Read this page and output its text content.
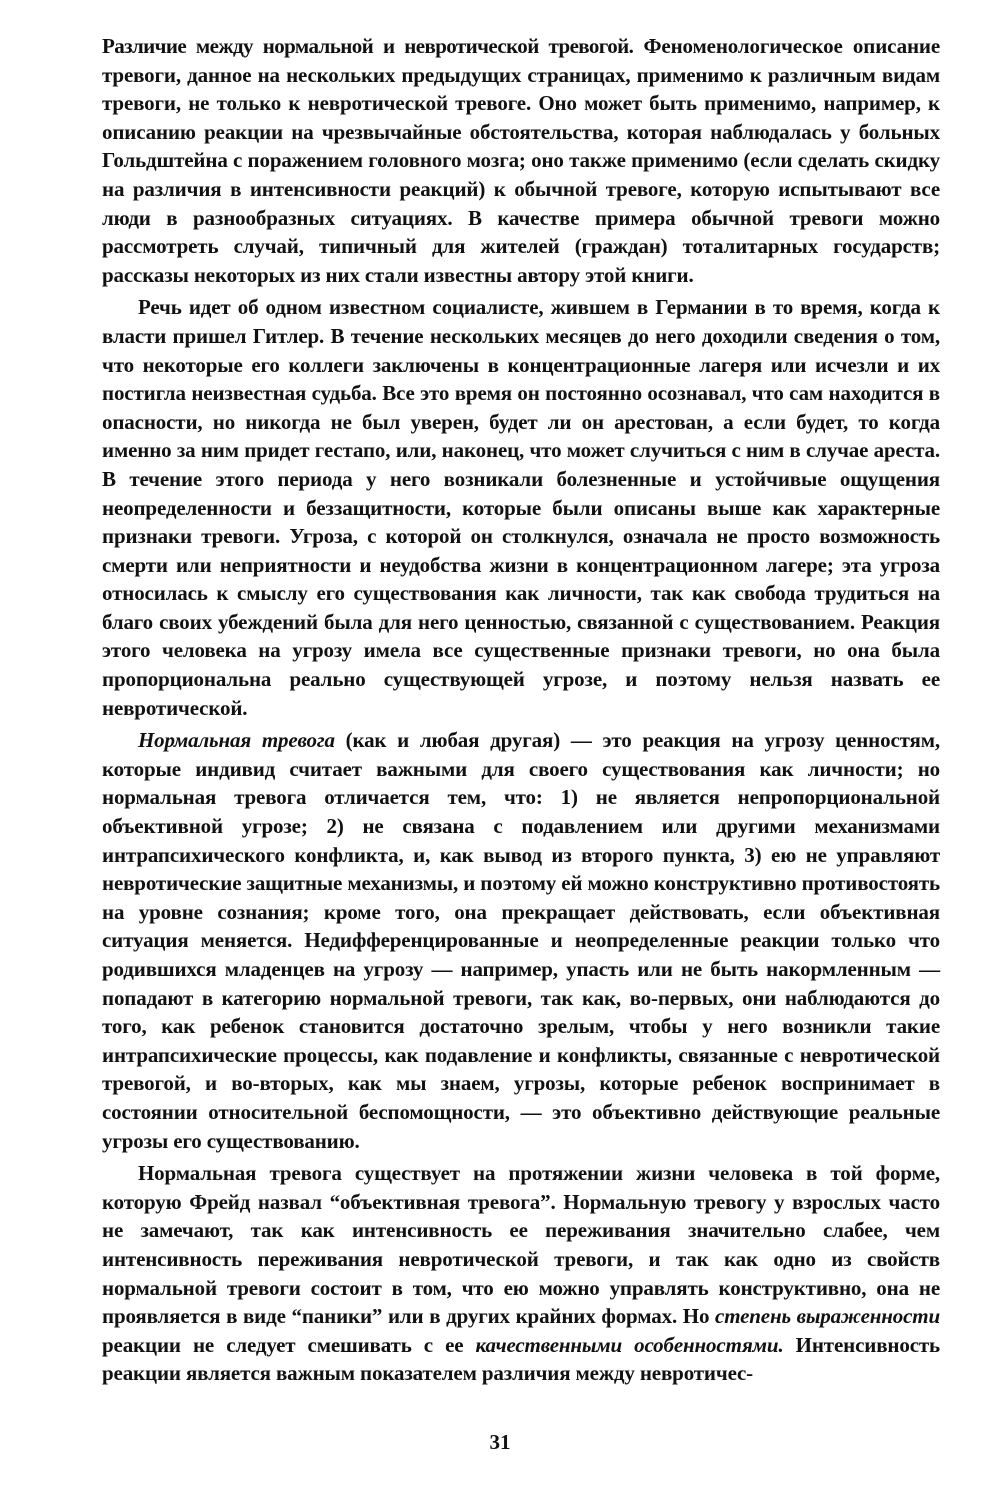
Различие между нормальной и невротической тревогой. Феноменологическое описание тревоги, данное на нескольких предыдущих страницах, применимо к различным видам тревоги, не только к невротической тревоге. Оно может быть применимо, например, к описанию реакции на чрезвычайные обстоятельства, которая наблюдалась у больных Гольдштейна с поражением головного мозга; оно также применимо (если сделать скидку на различия в интенсивности реакций) к обычной тревоге, которую испытывают все люди в разнообразных ситуациях. В качестве примера обычной тревоги можно рассмотреть случай, типичный для жителей (граждан) тоталитарных государств; рассказы некоторых из них стали известны автору этой книги.

Речь идет об одном известном социалисте, жившем в Германии в то время, когда к власти пришел Гитлер. В течение нескольких месяцев до него доходили сведения о том, что некоторые его коллеги заключены в концентрационные лагеря или исчезли и их постигла неизвестная судьба. Все это время он постоянно осознавал, что сам находится в опасности, но никогда не был уверен, будет ли он арестован, а если будет, то когда именно за ним придет гестапо, или, наконец, что может случиться с ним в случае ареста. В течение этого периода у него возникали болезненные и устойчивые ощущения неопределенности и беззащитности, которые были описаны выше как характерные признаки тревоги. Угроза, с которой он столкнулся, означала не просто возможность смерти или неприятности и неудобства жизни в концентрационном лагере; эта угроза относилась к смыслу его существования как личности, так как свобода трудиться на благо своих убеждений была для него ценностью, связанной с существованием. Реакция этого человека на угрозу имела все существенные признаки тревоги, но она была пропорциональна реально существующей угрозе, и поэтому нельзя назвать ее невротической.

Нормальная тревога (как и любая другая) — это реакция на угрозу ценностям, которые индивид считает важными для своего существования как личности; но нормальная тревога отличается тем, что: 1) не является непропорциональной объективной угрозе; 2) не связана с подавлением или другими механизмами интрапсихического конфликта, и, как вывод из второго пункта, 3) ею не управляют невротические защитные механизмы, и поэтому ей можно конструктивно противостоять на уровне сознания; кроме того, она прекращает действовать, если объективная ситуация меняется. Недифференцированные и неопределенные реакции только что родившихся младенцев на угрозу — например, упасть или не быть накормленным — попадают в категорию нормальной тревоги, так как, во-первых, они наблюдаются до того, как ребенок становится достаточно зрелым, чтобы у него возникли такие интрапсихические процессы, как подавление и конфликты, связанные с невротической тревогой, и во-вторых, как мы знаем, угрозы, которые ребенок воспринимает в состоянии относительной беспомощности, — это объективно действующие реальные угрозы его существованию.

Нормальная тревога существует на протяжении жизни человека в той форме, которую Фрейд назвал “объективная тревога”. Нормальную тревогу у взрослых часто не замечают, так как интенсивность ее переживания значительно слабее, чем интенсивность переживания невротической тревоги, и так как одно из свойств нормальной тревоги состоит в том, что ею можно управлять конструктивно, она не проявляется в виде “паники” или в других крайних формах. Но степень выраженности реакции не следует смешивать с ее качественными особенностями. Интенсивность реакции является важным показателем различия между невротичес-

31
